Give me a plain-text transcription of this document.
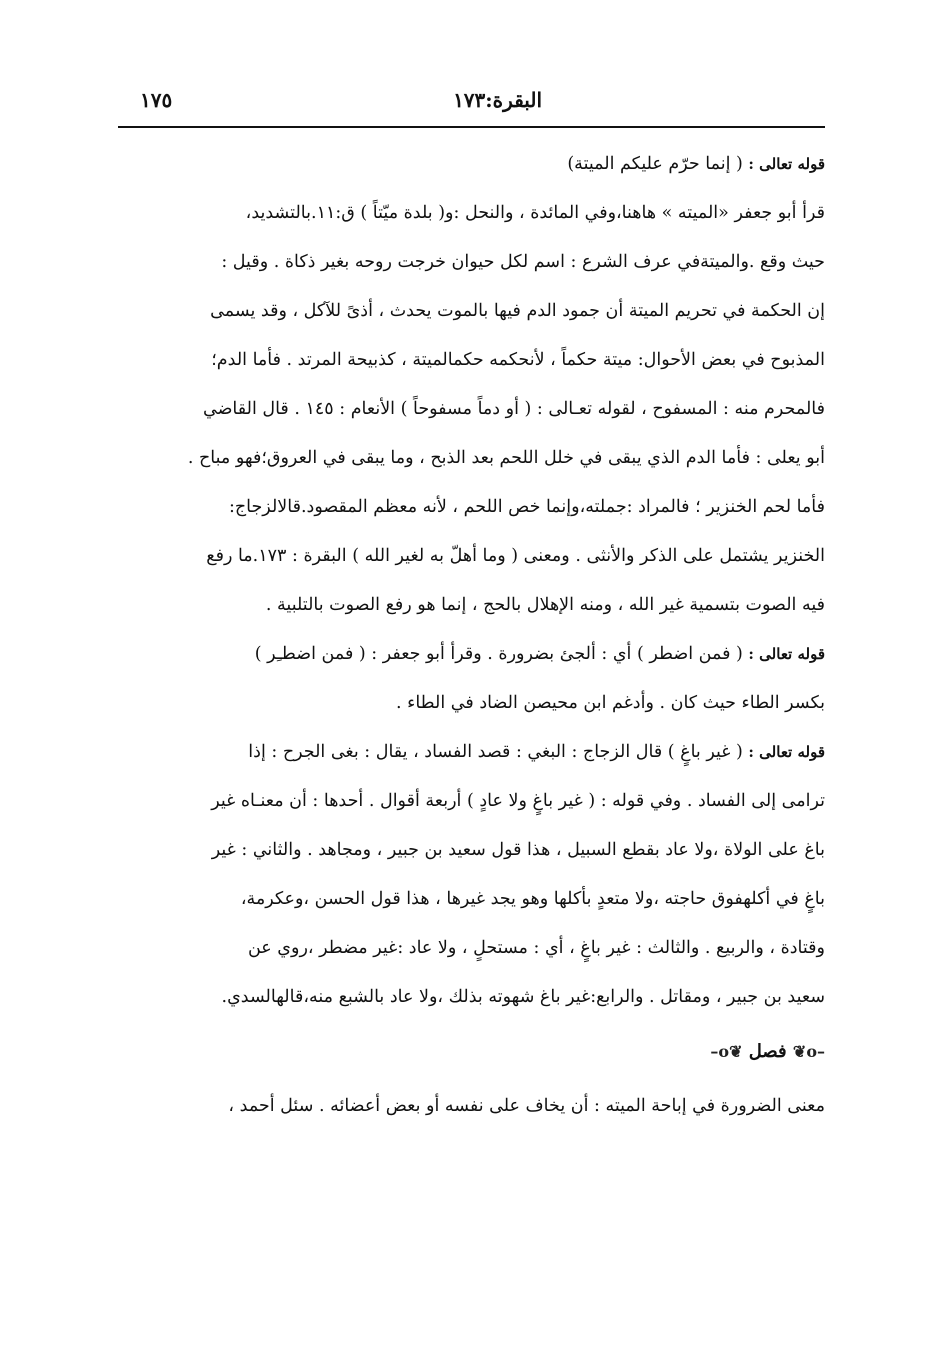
١٧٥	البقرة:١٧٣
قوله تعالى : ( إنما حرّم عليكم الميتة)
قرأ أبو جعفر «الميته » هاهنا،وفي المائدة ، والنحل :و( بلدة ميّتاً ) ق:١١.بالتشديد،
حيث وقع .والميتةفي عرف الشرع : اسم لكل حيوان خرجت روحه بغير ذكاة . وقيل :
إن الحكمة في تحريم الميتة أن جمود الدم فيها بالموت يحدث ، أذىً للآكل ، وقد يسمى
المذبوح في بعض الأحوال: ميتة حكماً ، لأنحكمه حكمالميتة ، كذبيحة المرتد . فأما الدم؛
فالمحرم منه : المسفوح ، لقوله تعـالى : ( أو دماً مسفوحاً ) الأنعام : ١٤٥ . قال القاضي
أبو يعلى : فأما الدم الذي يبقى في خلل اللحم بعد الذبح ، وما يبقى في العروق؛فهو مباح .
فأما لحم الخنزير ؛ فالمراد :جملته،وإنما خص اللحم ، لأنه معظم المقصود.قالالزجاج:
الخنزير يشتمل على الذكر والأنثى . ومعنى ( وما أهلّ به لغير الله ) البقرة : ١٧٣.ما رفع
فيه الصوت بتسمية غير الله ، ومنه الإهلال بالحج ، إنما هو رفع الصوت بالتلبية .
قوله تعالى : ( فمن اضطر ) أي : ألجئ بضرورة . وقرأ أبو جعفر : ( فمن اضطـِر )
بكسر الطاء حيث كان . وأدغم ابن محيصن الضاد في الطاء .
قوله تعالى : ( غير باغٍ ) قال الزجاج : البغي : قصد الفساد ، يقال : بغى الجرح : إذا
ترامى إلى الفساد . وفي قوله : ( غير باغٍ ولا عادٍ ) أربعة أقوال . أحدها : أن معنـاه غير
باغ على الولاة ،ولا عاد بقطع السبيل ، هذا قول سعيد بن جبير ، ومجاهد . والثاني : غير
باغٍ في أكلهفوق حاجته ،ولا متعدٍ بأكلها وهو يجد غيرها ، هذا قول الحسن ،وعكرمة،
وقتادة ، والربيع . والثالث : غير باغٍ ، أي : مستحلٍ ، ولا عاد :غير مضطر ،روي عن
سعيد بن جبير ، ومقاتل . والرابع:غير باغ شهوته بذلك ،ولا عاد بالشبع منه،قالهالسدي.
–ο❦ فصل ❦ο–
معنى الضرورة في إباحة الميته : أن يخاف على نفسه أو بعض أعضائه . سئل أحمد ،
